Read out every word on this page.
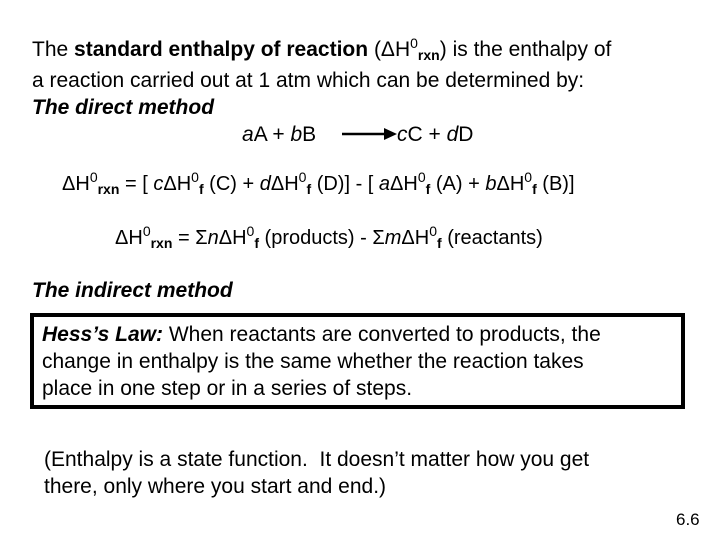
The standard enthalpy of reaction $(\Delta H^0_{rxn})$ is the enthalpy of
a reaction carried out at 1 atm which can be determined by:
The direct method
aA + bB → cC + dD
$\Delta H^0_{rxn}$ = [ cΔH$^0_f$ (C) + dΔH$^0_f$ (D)] - [ aΔH$^0_f$ (A) + bΔH$^0_f$ (B)]
$\Delta H^0_{rxn} = \Sigma n\Delta H^0_f$ (products) - ΣmΔH$^0_f$ (reactants)
The indirect method
Hess’s Law: When reactants are converted to products, the
change in enthalpy is the same whether the reaction takes
place in one step or in a series of steps.
(Enthalpy is a state function.  It doesn’t matter how you get
there, only where you start and end.)
6.6
